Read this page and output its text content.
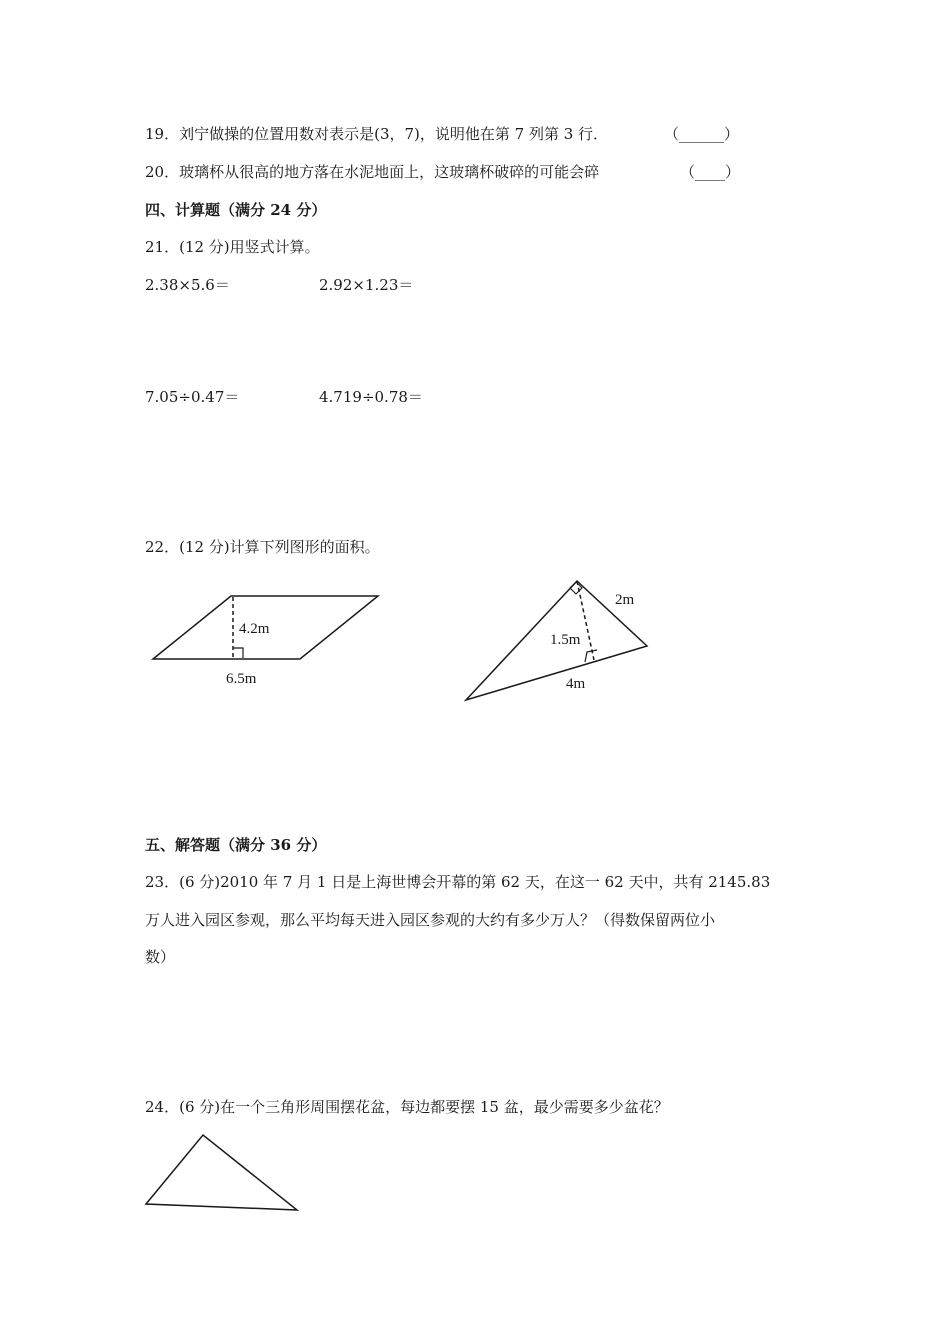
19．刘宁做操的位置用数对表示是(3，7)，说明他在第 7 列第 3 行．	（______）
20．玻璃杯从很高的地方落在水泥地面上，这玻璃杯破碎的可能会碎	（____）
四、计算题（满分 24 分）
21．(12 分)用竖式计算。
2.38×5.6＝	2.92×1.23＝
7.05÷0.47＝	4.719÷0.78＝
22．(12 分)计算下列图形的面积。
4.2m
6.5m
2m
1.5m
4m
五、解答题（满分 36 分）
23．(6 分)2010 年 7 月 1 日是上海世博会开幕的第 62 天，在这一 62 天中，共有 2145.83
万人进入园区参观，那么平均每天进入园区参观的大约有多少万人？（得数保留两位小
数）
24．(6 分)在一个三角形周围摆花盆，每边都要摆 15 盆，最少需要多少盆花？
